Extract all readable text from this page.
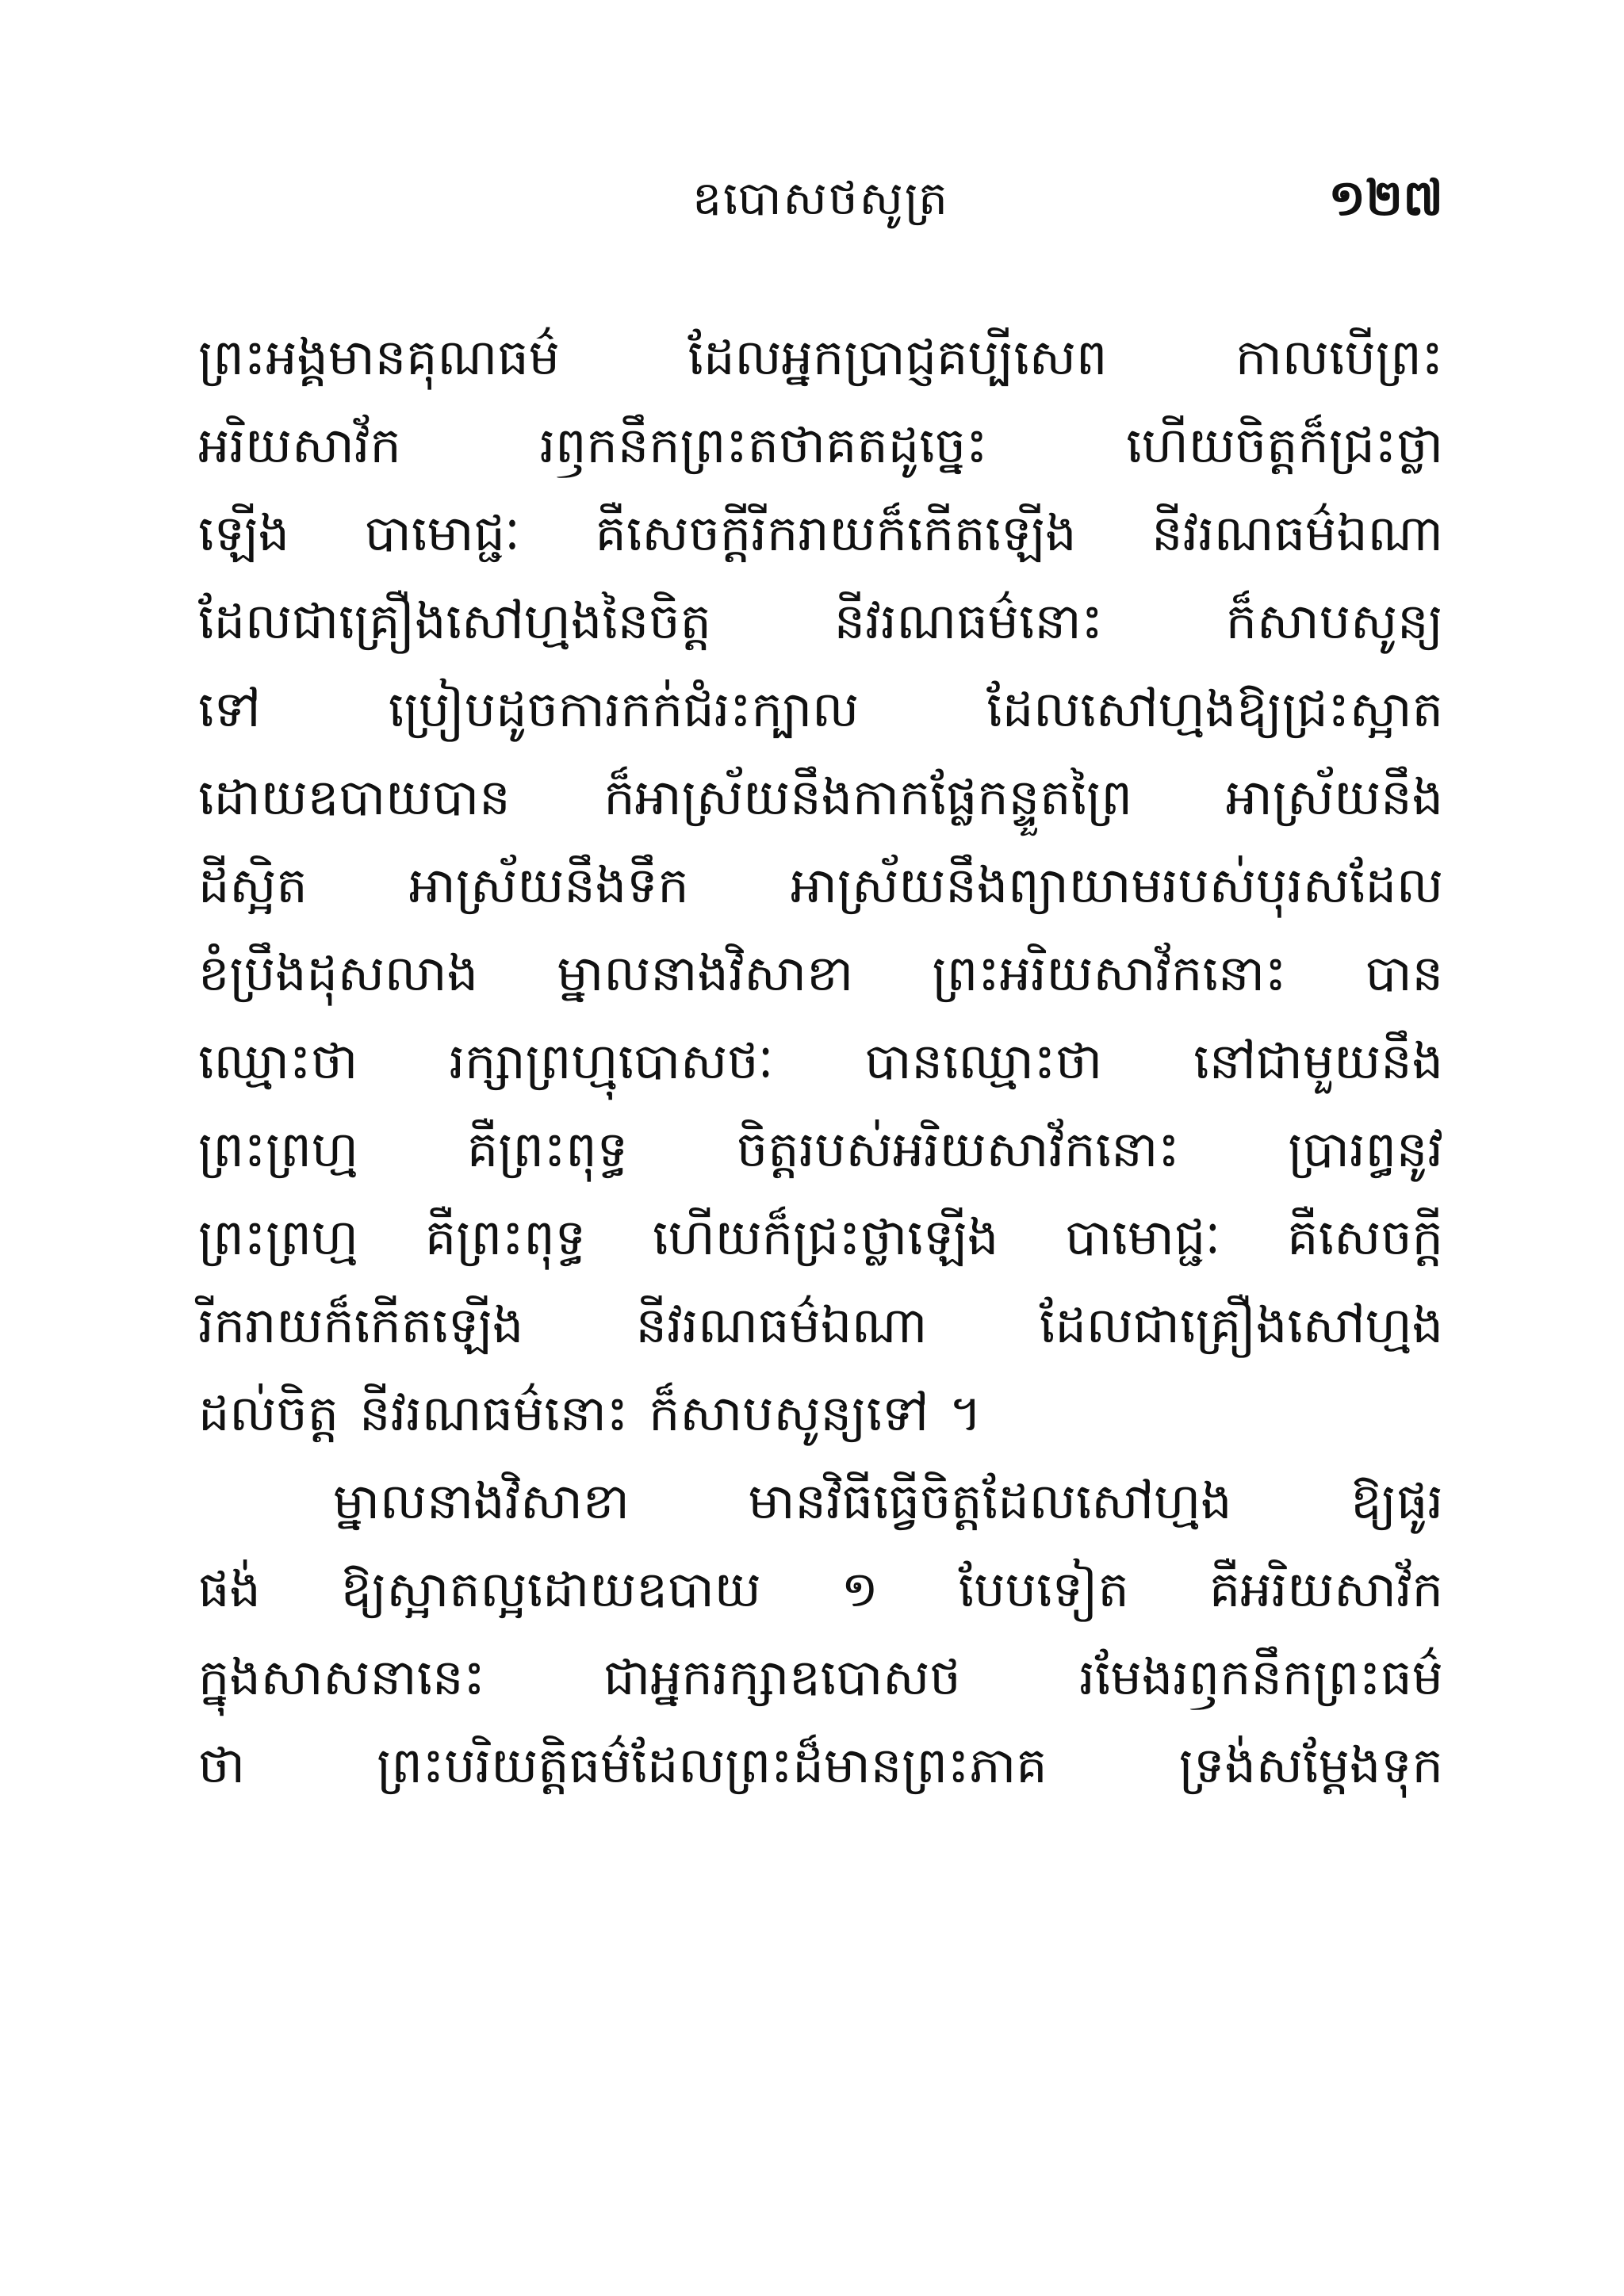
ឧបោសថសូត្រ	១២៧
ព្រះអង្គមានគុណធម៌	ដែលអ្នកប្រាជ្ញគប្បីសេព	កាលបើព្រះ
អរិយសាវ័ក	រឭកនឹកព្រះតថាគតដូច្នេះ	ហើយចិត្តក៏ជ្រះថ្លា
ឡើង បាមោជ្ជៈ គឺសេចក្តីរីករាយក៏កើតឡើង នីវរណធម៌ឯណា
ដែលជាគ្រឿងសៅហ្មងនៃចិត្ត នីវរណធម៌នោះ ក៏សាបសូន្យ
ទៅ	ប្រៀបដូចការកក់ជំរះក្បាល	ដែលសៅហ្មងឱ្យជ្រះស្អាត
ដោយឧបាយបាន ក៏អាស្រ័យនឹងកាកផ្លែកន្ទួតព្រៃ អាស្រ័យនឹង
ដីស្អិត អាស្រ័យនឹងទឹក អាស្រ័យនឹងព្យាយាមរបស់បុរសដែល
ខំប្រឹងដុសលាង ម្នាលនាងវិសាខា ព្រះអរិយសាវ័កនោះ បាន
ឈ្មោះថា រក្សាព្រហ្មុបោសថៈ បានឈ្មោះថា នៅជាមួយនឹង
ព្រះព្រហ្ម គឺព្រះពុទ្ធ ចិត្តរបស់អរិយសាវ័កនោះ ប្រារព្ធនូវ
ព្រះព្រហ្ម គឺព្រះពុទ្ធ ហើយក៏ជ្រះថ្លាឡើង បាមោជ្ជៈ គឺសេចក្តី
រីករាយក៏កើតឡើង នីវរណធម៌ឯណា ដែលជាគ្រឿងសៅហ្មង
ដល់ចិត្ត នីវរណធម៌នោះ ក៏សាបសូន្យទៅ ។
ម្នាលនាងវិសាខា មានវិធីធ្វើចិត្តដែលសៅហ្មង ឱ្យផូរ
ផង់ ឱ្យស្អាតល្អដោយឧបាយ ១ បែបទៀត គឺអរិយសាវ័ក
ក្នុងសាសនានេះ ជាអ្នករក្សាឧបោសថ រមែងរឭកនឹកព្រះធម៌
ថា	ព្រះបរិយត្តិធម៌ដែលព្រះដ៏មានព្រះភាគ	ទ្រង់សម្តែងទុក
